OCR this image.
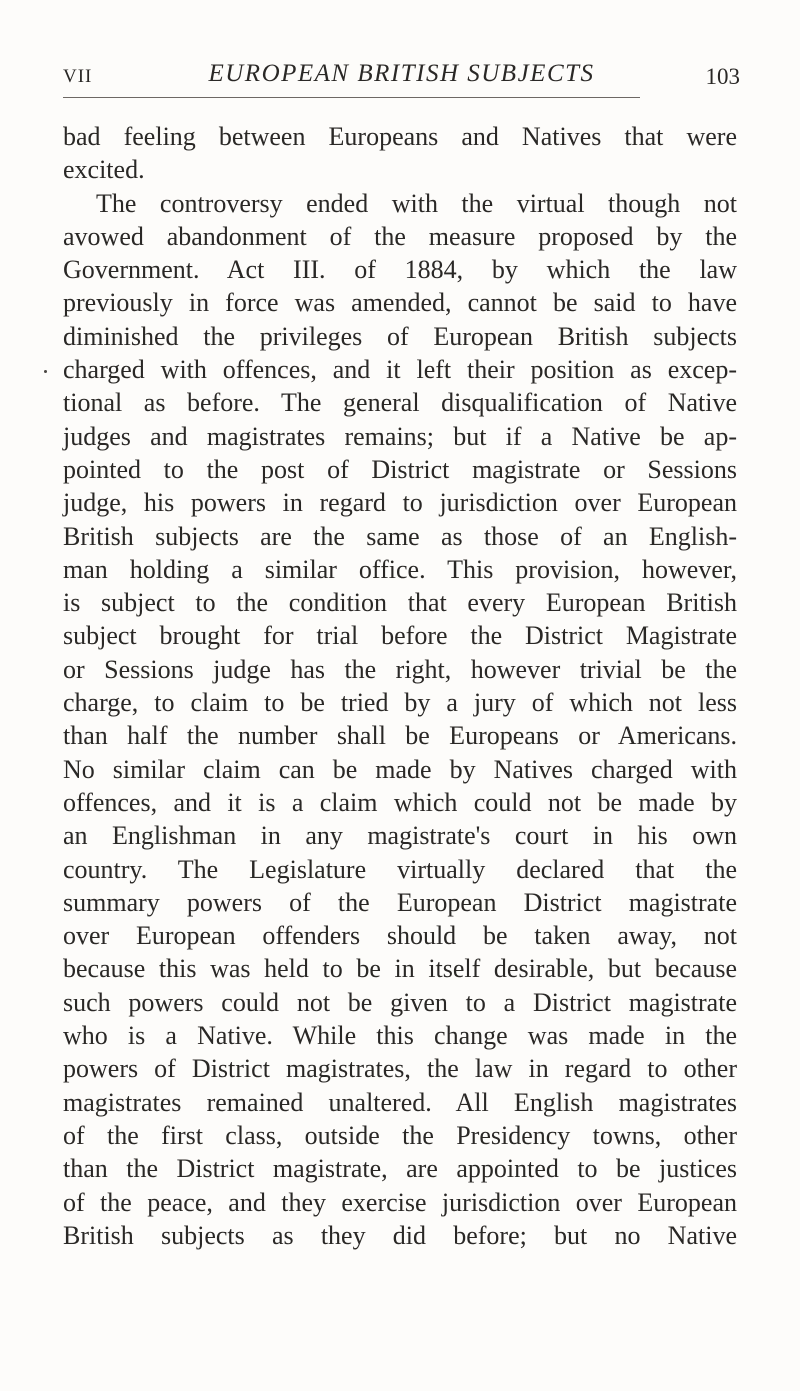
VII	EUROPEAN BRITISH SUBJECTS	103
bad feeling between Europeans and Natives that were
excited.
The controversy ended with the virtual though not
avowed abandonment of the measure proposed by the
Government. Act III. of 1884, by which the law
previously in force was amended, cannot be said to have
diminished the privileges of European British subjects
charged with offences, and it left their position as excep-
tional as before. The general disqualification of Native
judges and magistrates remains; but if a Native be ap-
pointed to the post of District magistrate or Sessions
judge, his powers in regard to jurisdiction over European
British subjects are the same as those of an English-
man holding a similar office. This provision, however,
is subject to the condition that every European British
subject brought for trial before the District Magistrate
or Sessions judge has the right, however trivial be the
charge, to claim to be tried by a jury of which not less
than half the number shall be Europeans or Americans.
No similar claim can be made by Natives charged with
offences, and it is a claim which could not be made by
an Englishman in any magistrate's court in his own
country. The Legislature virtually declared that the
summary powers of the European District magistrate
over European offenders should be taken away, not
because this was held to be in itself desirable, but because
such powers could not be given to a District magistrate
who is a Native. While this change was made in the
powers of District magistrates, the law in regard to other
magistrates remained unaltered. All English magistrates
of the first class, outside the Presidency towns, other
than the District magistrate, are appointed to be justices
of the peace, and they exercise jurisdiction over European
British subjects as they did before; but no Native
